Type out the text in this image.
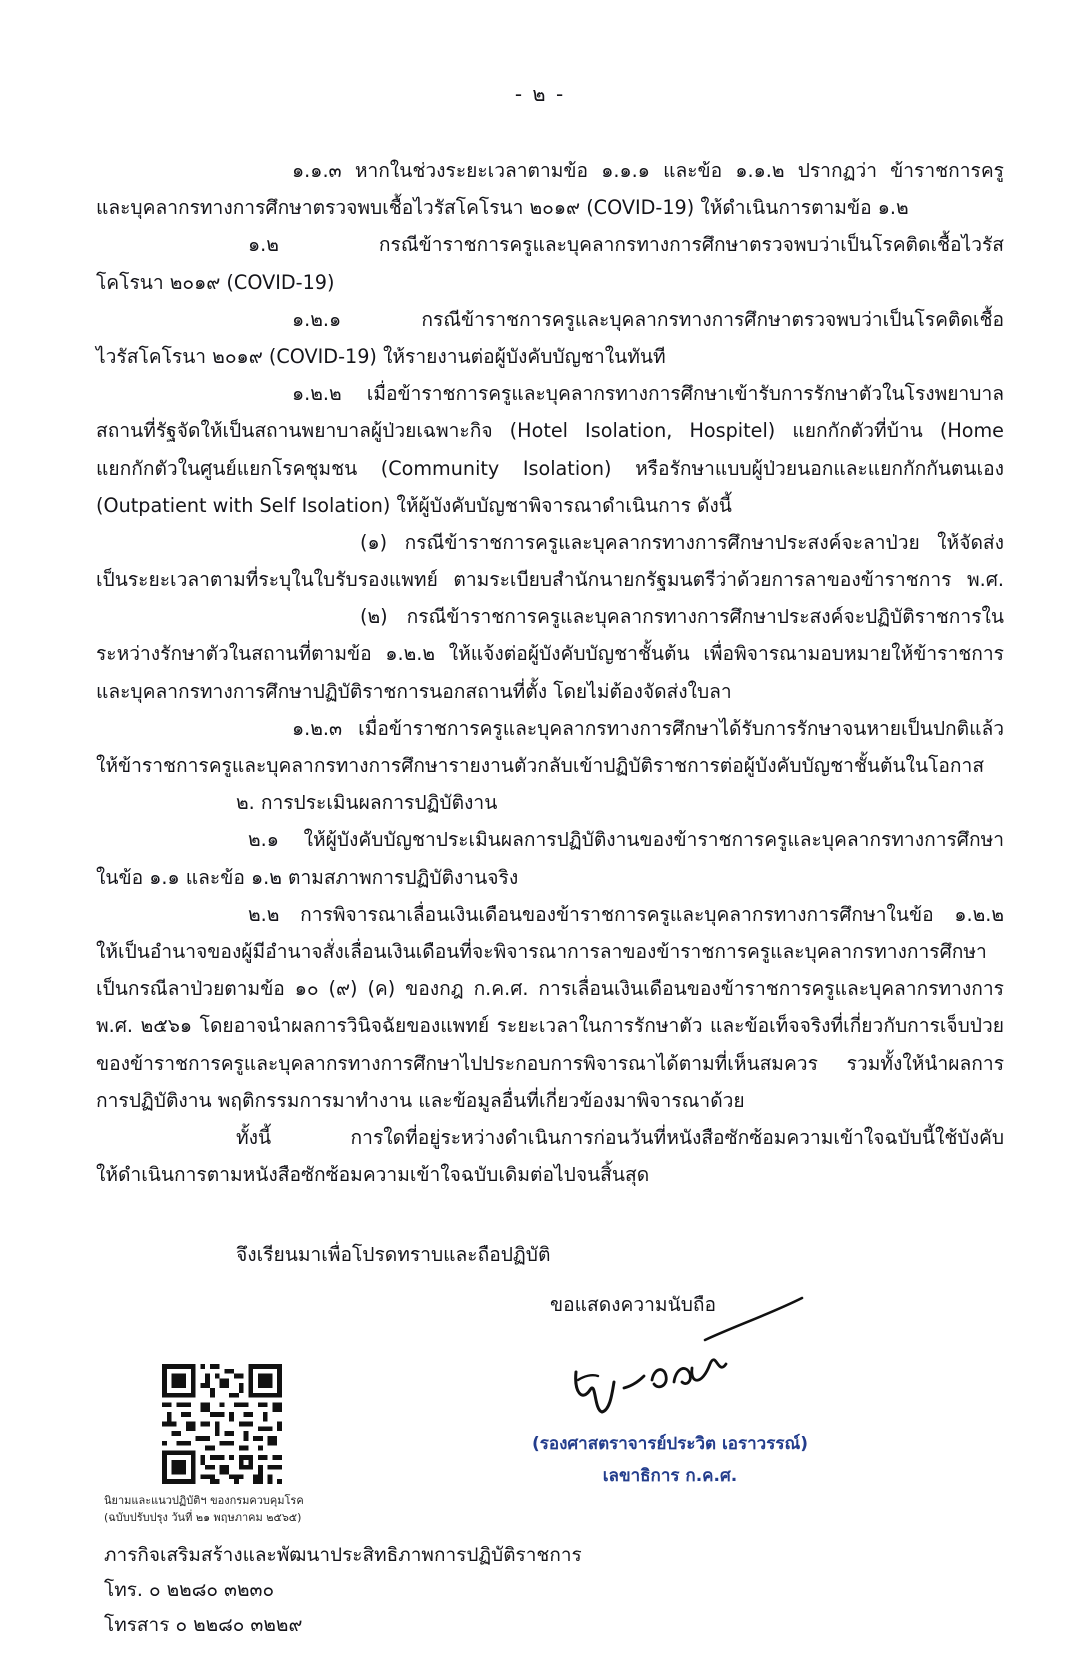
- ๒ -
๑.๑.๓ หากในช่วงระยะเวลาตามข้อ ๑.๑.๑ และข้อ ๑.๑.๒ ปรากฏว่า ข้าราชการครู
และบุคลากรทางการศึกษาตรวจพบเชื้อไวรัสโคโรนา ๒๐๑๙ (COVID-19) ให้ดำเนินการตามข้อ ๑.๒
๑.๒ กรณีข้าราชการครูและบุคลากรทางการศึกษาตรวจพบว่าเป็นโรคติดเชื้อไวรัส
โคโรนา ๒๐๑๙ (COVID-19)
๑.๒.๑ กรณีข้าราชการครูและบุคลากรทางการศึกษาตรวจพบว่าเป็นโรคติดเชื้อ
ไวรัสโคโรนา ๒๐๑๙ (COVID-19) ให้รายงานต่อผู้บังคับบัญชาในทันที
๑.๒.๒ เมื่อข้าราชการครูและบุคลากรทางการศึกษาเข้ารับการรักษาตัวในโรงพยาบาล
สถานที่รัฐจัดให้เป็นสถานพยาบาลผู้ป่วยเฉพาะกิจ (Hotel Isolation, Hospitel) แยกกักตัวที่บ้าน (Home
แยกกักตัวในศูนย์แยกโรคชุมชน (Community Isolation) หรือรักษาแบบผู้ป่วยนอกและแยกกักกันตนเอง
(Outpatient with Self Isolation) ให้ผู้บังคับบัญชาพิจารณาดำเนินการ ดังนี้
(๑) กรณีข้าราชการครูและบุคลากรทางการศึกษาประสงค์จะลาป่วย ให้จัดส่ง
เป็นระยะเวลาตามที่ระบุในใบรับรองแพทย์ ตามระเบียบสำนักนายกรัฐมนตรีว่าด้วยการลาของข้าราชการ พ.ศ.
(๒) กรณีข้าราชการครูและบุคลากรทางการศึกษาประสงค์จะปฏิบัติราชการใน
ระหว่างรักษาตัวในสถานที่ตามข้อ ๑.๒.๒ ให้แจ้งต่อผู้บังคับบัญชาชั้นต้น เพื่อพิจารณามอบหมายให้ข้าราชการ
และบุคลากรทางการศึกษาปฏิบัติราชการนอกสถานที่ตั้ง โดยไม่ต้องจัดส่งใบลา
๑.๒.๓ เมื่อข้าราชการครูและบุคลากรทางการศึกษาได้รับการรักษาจนหายเป็นปกติแล้ว
ให้ข้าราชการครูและบุคลากรทางการศึกษารายงานตัวกลับเข้าปฏิบัติราชการต่อผู้บังคับบัญชาชั้นต้นในโอกาส
๒. การประเมินผลการปฏิบัติงาน
๒.๑ ให้ผู้บังคับบัญชาประเมินผลการปฏิบัติงานของข้าราชการครูและบุคลากรทางการศึกษา
ในข้อ ๑.๑ และข้อ ๑.๒ ตามสภาพการปฏิบัติงานจริง
๒.๒ การพิจารณาเลื่อนเงินเดือนของข้าราชการครูและบุคลากรทางการศึกษาในข้อ ๑.๒.๒
ให้เป็นอำนาจของผู้มีอำนาจสั่งเลื่อนเงินเดือนที่จะพิจารณาการลาของข้าราชการครูและบุคลากรทางการศึกษา
เป็นกรณีลาป่วยตามข้อ ๑๐ (๙) (ค) ของกฎ ก.ค.ศ. การเลื่อนเงินเดือนของข้าราชการครูและบุคลากรทางการ
พ.ศ. ๒๕๖๑ โดยอาจนำผลการวินิจฉัยของแพทย์ ระยะเวลาในการรักษาตัว และข้อเท็จจริงที่เกี่ยวกับการเจ็บป่วย
ของข้าราชการครูและบุคลากรทางการศึกษาไปประกอบการพิจารณาได้ตามที่เห็นสมควร รวมทั้งให้นำผลการ
การปฏิบัติงาน พฤติกรรมการมาทำงาน และข้อมูลอื่นที่เกี่ยวข้องมาพิจารณาด้วย
ทั้งนี้ การใดที่อยู่ระหว่างดำเนินการก่อนวันที่หนังสือซักซ้อมความเข้าใจฉบับนี้ใช้บังคับ
ให้ดำเนินการตามหนังสือซักซ้อมความเข้าใจฉบับเดิมต่อไปจนสิ้นสุด
จึงเรียนมาเพื่อโปรดทราบและถือปฏิบัติ
ขอแสดงความนับถือ
(รองศาสตราจารย์ประวิต เอราวรรณ์)
เลขาธิการ ก.ค.ศ.
นิยามและแนวปฏิบัติฯ ของกรมควบคุมโรค
(ฉบับปรับปรุง วันที่ ๒๑ พฤษภาคม ๒๕๖๕)
ภารกิจเสริมสร้างและพัฒนาประสิทธิภาพการปฏิบัติราชการ
โทร. ๐ ๒๒๘๐ ๓๒๓๐
โทรสาร ๐ ๒๒๘๐ ๓๒๒๙
